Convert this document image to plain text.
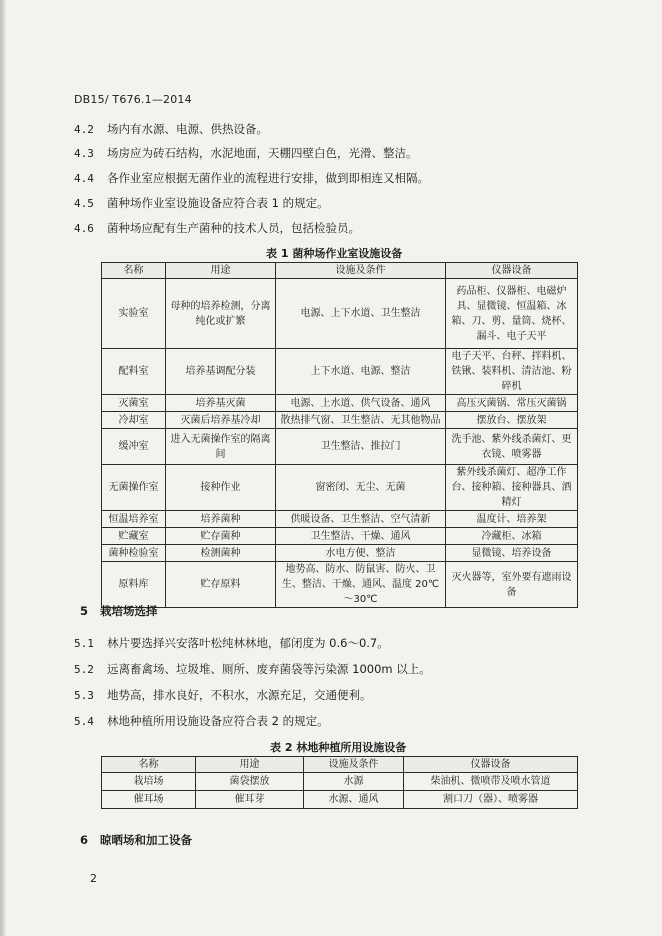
DB15/ T676.1—2014
4.2 场内有水源、电源、供热设备。
4.3 场房应为砖石结构，水泥地面，天棚四壁白色，光滑、整洁。
4.4 各作业室应根据无菌作业的流程进行安排，做到即相连又相隔。
4.5 菌种场作业室设施设备应符合表 1 的规定。
4.6 菌种场应配有生产菌种的技术人员，包括检验员。
表 1 菌种场作业室设施设备
名称	用途	设施及条件	仪器设备
实验室	母种的培养检测，分离纯化或扩繁	电源、上下水道、卫生整洁	药品柜、仪器柜、电磁炉具、显微镜、恒温箱、冰箱、刀、剪、量筒、烧杯、漏斗、电子天平
配料室	培养基调配分装	上下水道、电源、整洁	电子天平、台秤、拌料机、铁锹、装料机、清洁池、粉碎机
灭菌室	培养基灭菌	电源、上水道、供气设备、通风	高压灭菌锅、常压灭菌锅
冷却室	灭菌后培养基冷却	散热排气窗、卫生整洁、无其他物品	摆放台、摆放架
缓冲室	进入无菌操作室的隔离间	卫生整洁、推拉门	洗手池、紫外线杀菌灯、更衣镜、喷雾器
无菌操作室	接种作业	窗密闭、无尘、无菌	紫外线杀菌灯、超净工作台、接种箱、接种器具、酒精灯
恒温培养室	培养菌种	供暖设备、卫生整洁、空气清新	温度计、培养架
贮藏室	贮存菌种	卫生整洁、干燥、通风	冷藏柜、冰箱
菌种检验室	检测菌种	水电方便、整洁	显微镜、培养设备
原料库	贮存原料	地势高、防水、防鼠害、防火、卫生、整洁、干燥、通风、温度 20℃～30℃	灭火器等，室外要有遮雨设备
5 栽培场选择
5.1 林片要选择兴安落叶松纯林林地，郁闭度为 0.6～0.7。
5.2 远离畜禽场、垃圾堆、厕所、废弃菌袋等污染源 1000m 以上。
5.3 地势高，排水良好，不积水，水源充足，交通便利。
5.4 林地种植所用设施设备应符合表 2 的规定。
表 2 林地种植所用设施设备
名称	用途	设施及条件	仪器设备
栽培场	菌袋摆放	水源	柴油机、微喷带及喷水管道
催耳场	催耳芽	水源、通风	割口刀（器）、喷雾器
6 晾晒场和加工设备
2
